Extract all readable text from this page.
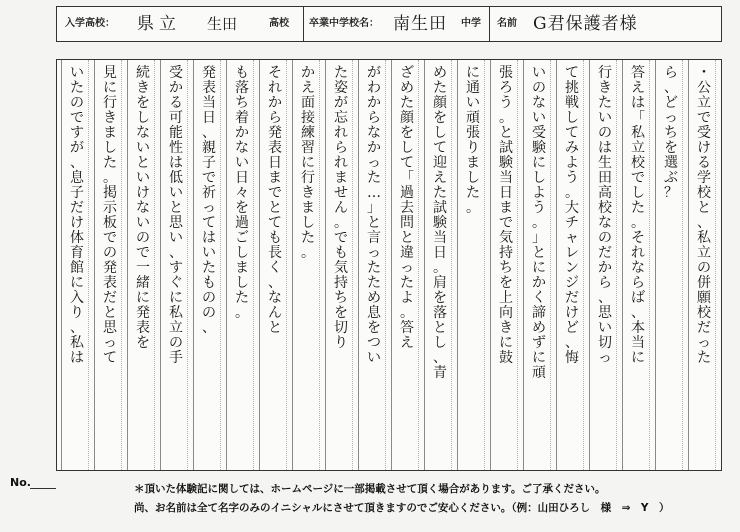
入学高校： 県 立 生田	高校 卒業中学校名： 南生田 中学 名前 G君保護者様
・
公
立
で
受
け
る
学
校
と
、
私
立
の
併
願
校
だ
っ
た
ら
、
ど
っ
ち
を
選
ぶ
？
答
え
は
「
私
立
校
で
し
た
。
そ
れ
な
ら
ば
、
本
当
に
行
き
た
い
の
は
生
田
高
校
な
の
だ
か
ら
、
思
い
切
っ
て
挑
戦
し
て
み
よ
う
。
大
チ
ャ
レ
ン
ジ
だ
け
ど
、
悔
い
の
な
い
受
験
に
し
よ
う
。
」
と
に
か
く
諦
め
ず
に
頑
張
ろ
う
。
と
試
験
当
日
ま
で
気
持
ち
を
上
向
き
に
鼓
に
通
い
頑
張
り
ま
し
た
。
め
た
顔
を
し
て
迎
え
た
試
験
当
日
。
肩
を
落
と
し
、
青
ざ
め
た
顔
を
し
て
「
過
去
問
と
違
っ
た
よ
。
答
え
が
わ
か
ら
な
か
っ
た
…
」
と
言
っ
た
た
め
息
を
つ
い
た
姿
が
忘
れ
ら
れ
ま
せ
ん
。
で
も
気
持
ち
を
切
り
か
え
面
接
練
習
に
行
き
ま
し
た
。
そ
れ
か
ら
発
表
日
ま
で
と
て
も
長
く
、
な
ん
と
も
落
ち
着
か
な
い
日
々
を
過
ご
し
ま
し
た
。
発
表
当
日
、
親
子
で
祈
っ
て
は
い
た
も
の
の
、
受
か
る
可
能
性
は
低
い
と
思
い
、
す
ぐ
に
私
立
の
手
続
き
を
し
な
い
と
い
け
な
い
の
で
一
緒
に
発
表
を
見
に
行
き
ま
し
た
。
掲
示
板
で
の
発
表
だ
と
思
っ
て
い
た
の
で
す
が
、
息
子
だ
け
体
育
館
に
入
り
、
私
は
No.	＊頂いた体験記に関しては、ホームページに一部掲載させて頂く場合があります。ご了承ください。
尚、お名前は全て名字のみのイニシャルにさせて頂きますのでご安心ください。（例：山田ひろし　様　⇒　Y　）
